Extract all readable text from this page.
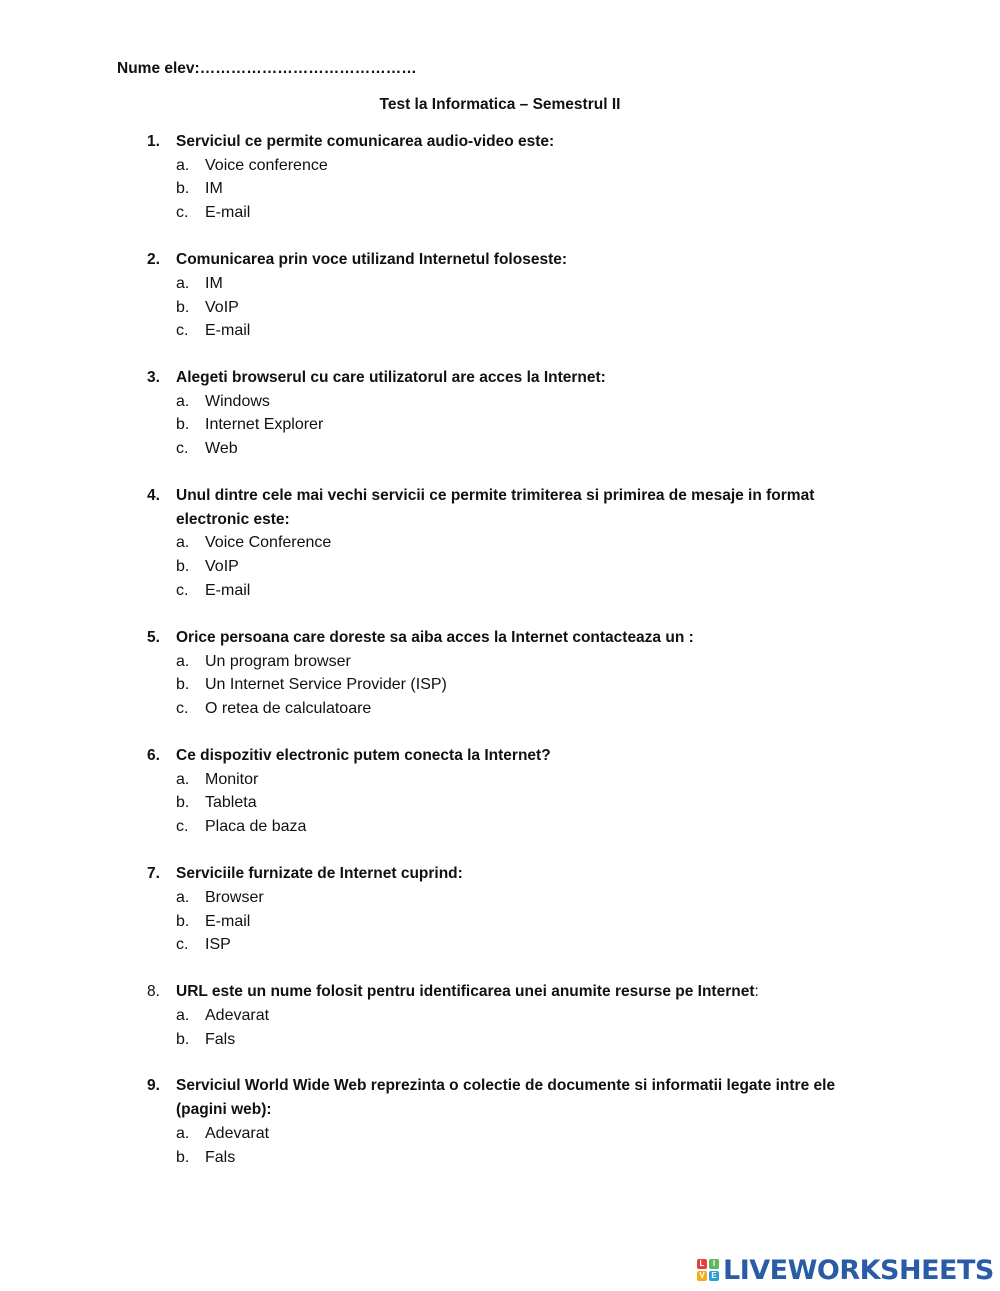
Nume elev:……………………………………
Test la Informatica – Semestrul II
1.	Serviciul ce permite comunicarea audio-video este:
a. Voice conference
b. IM
c. E-mail
2.	Comunicarea prin voce utilizand Internetul foloseste:
a. IM
b. VoIP
c. E-mail
3.	Alegeti browserul cu care utilizatorul are acces la Internet:
a. Windows
b. Internet Explorer
c. Web
4.	Unul dintre cele mai vechi servicii ce permite trimiterea si primirea de mesaje in format electronic este:
a. Voice Conference
b. VoIP
c. E-mail
5.	Orice persoana care doreste sa aiba acces la Internet contacteaza un :
a. Un program browser
b. Un Internet Service Provider (ISP)
c. O retea de calculatoare
6.	Ce dispozitiv electronic putem conecta la Internet?
a. Monitor
b. Tableta
c. Placa de baza
7.	Serviciile furnizate de Internet cuprind:
a. Browser
b. E-mail
c. ISP
8.	URL este un nume folosit pentru identificarea unei anumite resurse pe Internet:
a. Adevarat
b. Fals
9.	Serviciul World Wide Web reprezinta o colectie de documente si informatii legate intre ele (pagini web):
a. Adevarat
b. Fals
L	I
V E LIVEWORKSHEETS
